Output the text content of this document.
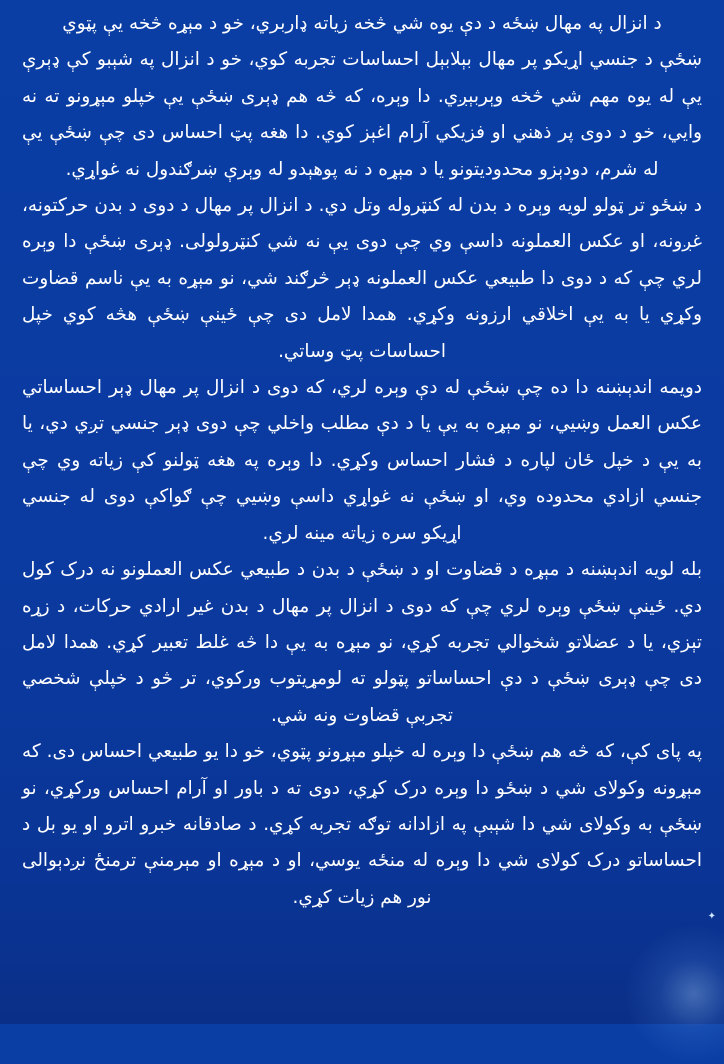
✦

د انزال په مهال ښځه د دې یوه شي څخه زیاته ډاربري، خو د مېړه څخه یې پټوي

ښځې د جنسي اړیکو پر مهال بېلابېل احساسات تجربه کوي، خو د انزال په شېبو کې ډېرې یې له یوه مهم شي څخه وېربېږي. دا وېره، که څه هم ډېری ښځې یې خپلو مېړونو ته نه وایي، خو د دوی پر ذهني او فزیکي آرام اغېز کوي. دا هغه پټ احساس دی چې ښځې یې له شرم، دودېزو محدودیتونو یا د مېړه د نه پوهېدو له وېرې ښرګندول نه غواړي.

د ښځو تر ټولو لویه وېره د بدن له کنټروله وتل دي. د انزال پر مهال د دوی د بدن حرکتونه، غږونه، او عکس العملونه داسې وي چې دوی یې نه شي کنټرولولی. ډېری ښځې دا وېره لري چې که د دوی دا طبیعي عکس العملونه ډېر څرګند شي، نو مېړه به یې ناسم قضاوت وکړي یا به یې اخلاقي ارزونه وکړي. همدا لامل دی چې ځینې ښځې هڅه کوي خپل احساسات پټ وساتي.

دویمه اندېښنه دا ده چې ښځې له دې وېره لري، که دوی د انزال پر مهال ډېر احساساتي عکس العمل وښیي، نو مېړه به یې یا د دې مطلب واخلي چې دوی ډېر جنسي تږي دي، یا به یې د خپل ځان لپاره د فشار احساس وکړي. دا وېره په هغه ټولنو کې زیاته وي چې جنسي ازادي محدوده وي، او ښځې نه غواړي داسې وښیي چې ګواکې دوی له جنسي اړیکو سره زیاته مینه لري.

بله لویه اندېښنه د مېړه د قضاوت او د ښځې د بدن د طبیعي عکس العملونو نه درک کول دي. ځینې ښځې وېره لري چې که دوی د انزال پر مهال د بدن غیر ارادي حرکات، د زړه تېزي، یا د عضلاتو شخوالي تجربه کړي، نو مېړه به یې دا څه غلط تعبیر کړي. همدا لامل دی چې ډېری ښځې د دې احساساتو پټولو ته لومړیتوب ورکوي، تر څو د خپلې شخصي تجربې قضاوت ونه شي.

په پای کې، که څه هم ښځې دا وېره له خپلو مېړونو پټوي، خو دا یو طبیعي احساس دی. که مېړونه وکولای شي د ښځو دا وېره درک کړي، دوی ته د باور او آرام احساس ورکړي، نو ښځې به وکولای شي دا شېبې په ازادانه توګه تجربه کړي. د صادقانه خبرو اترو او یو بل د احساساتو درک کولای شي دا وېره له منځه یوسي، او د مېړه او مېرمنې ترمنځ نږدېوالی نور هم زیات کړي.
